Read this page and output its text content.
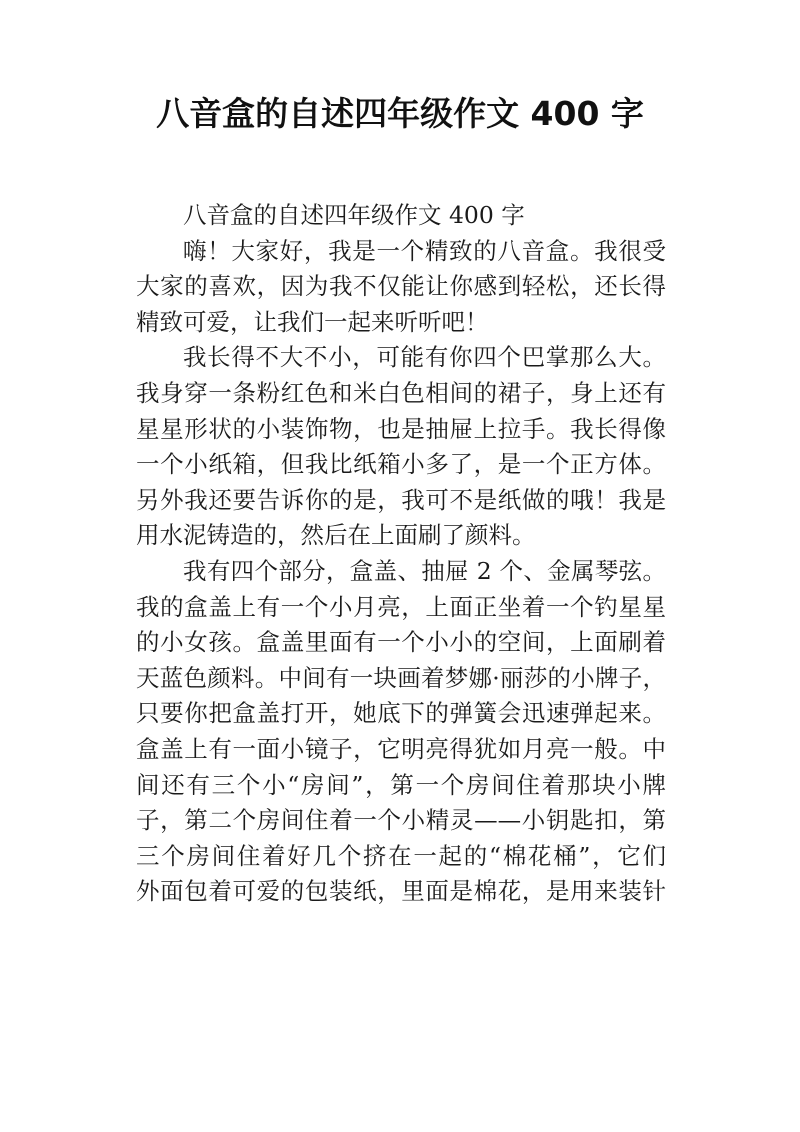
八音盒的自述四年级作文 400 字
八音盒的自述四年级作文 400 字
嗨！大家好，我是一个精致的八音盒。我很受
大家的喜欢，因为我不仅能让你感到轻松，还长得
精致可爱，让我们一起来听听吧！
我长得不大不小，可能有你四个巴掌那么大。
我身穿一条粉红色和米白色相间的裙子，身上还有
星星形状的小装饰物，也是抽屉上拉手。我长得像
一个小纸箱，但我比纸箱小多了，是一个正方体。
另外我还要告诉你的是，我可不是纸做的哦！我是
用水泥铸造的，然后在上面刷了颜料。
我有四个部分，盒盖、抽屉 2 个、金属琴弦。
我的盒盖上有一个小月亮，上面正坐着一个钓星星
的小女孩。盒盖里面有一个小小的空间，上面刷着
天蓝色颜料。中间有一块画着梦娜·丽莎的小牌子，
只要你把盒盖打开，她底下的弹簧会迅速弹起来。
盒盖上有一面小镜子，它明亮得犹如月亮一般。中
间还有三个小“房间”，第一个房间住着那块小牌
子，第二个房间住着一个小精灵——小钥匙扣，第
三个房间住着好几个挤在一起的“棉花桶”，它们
外面包着可爱的包装纸，里面是棉花，是用来装针
